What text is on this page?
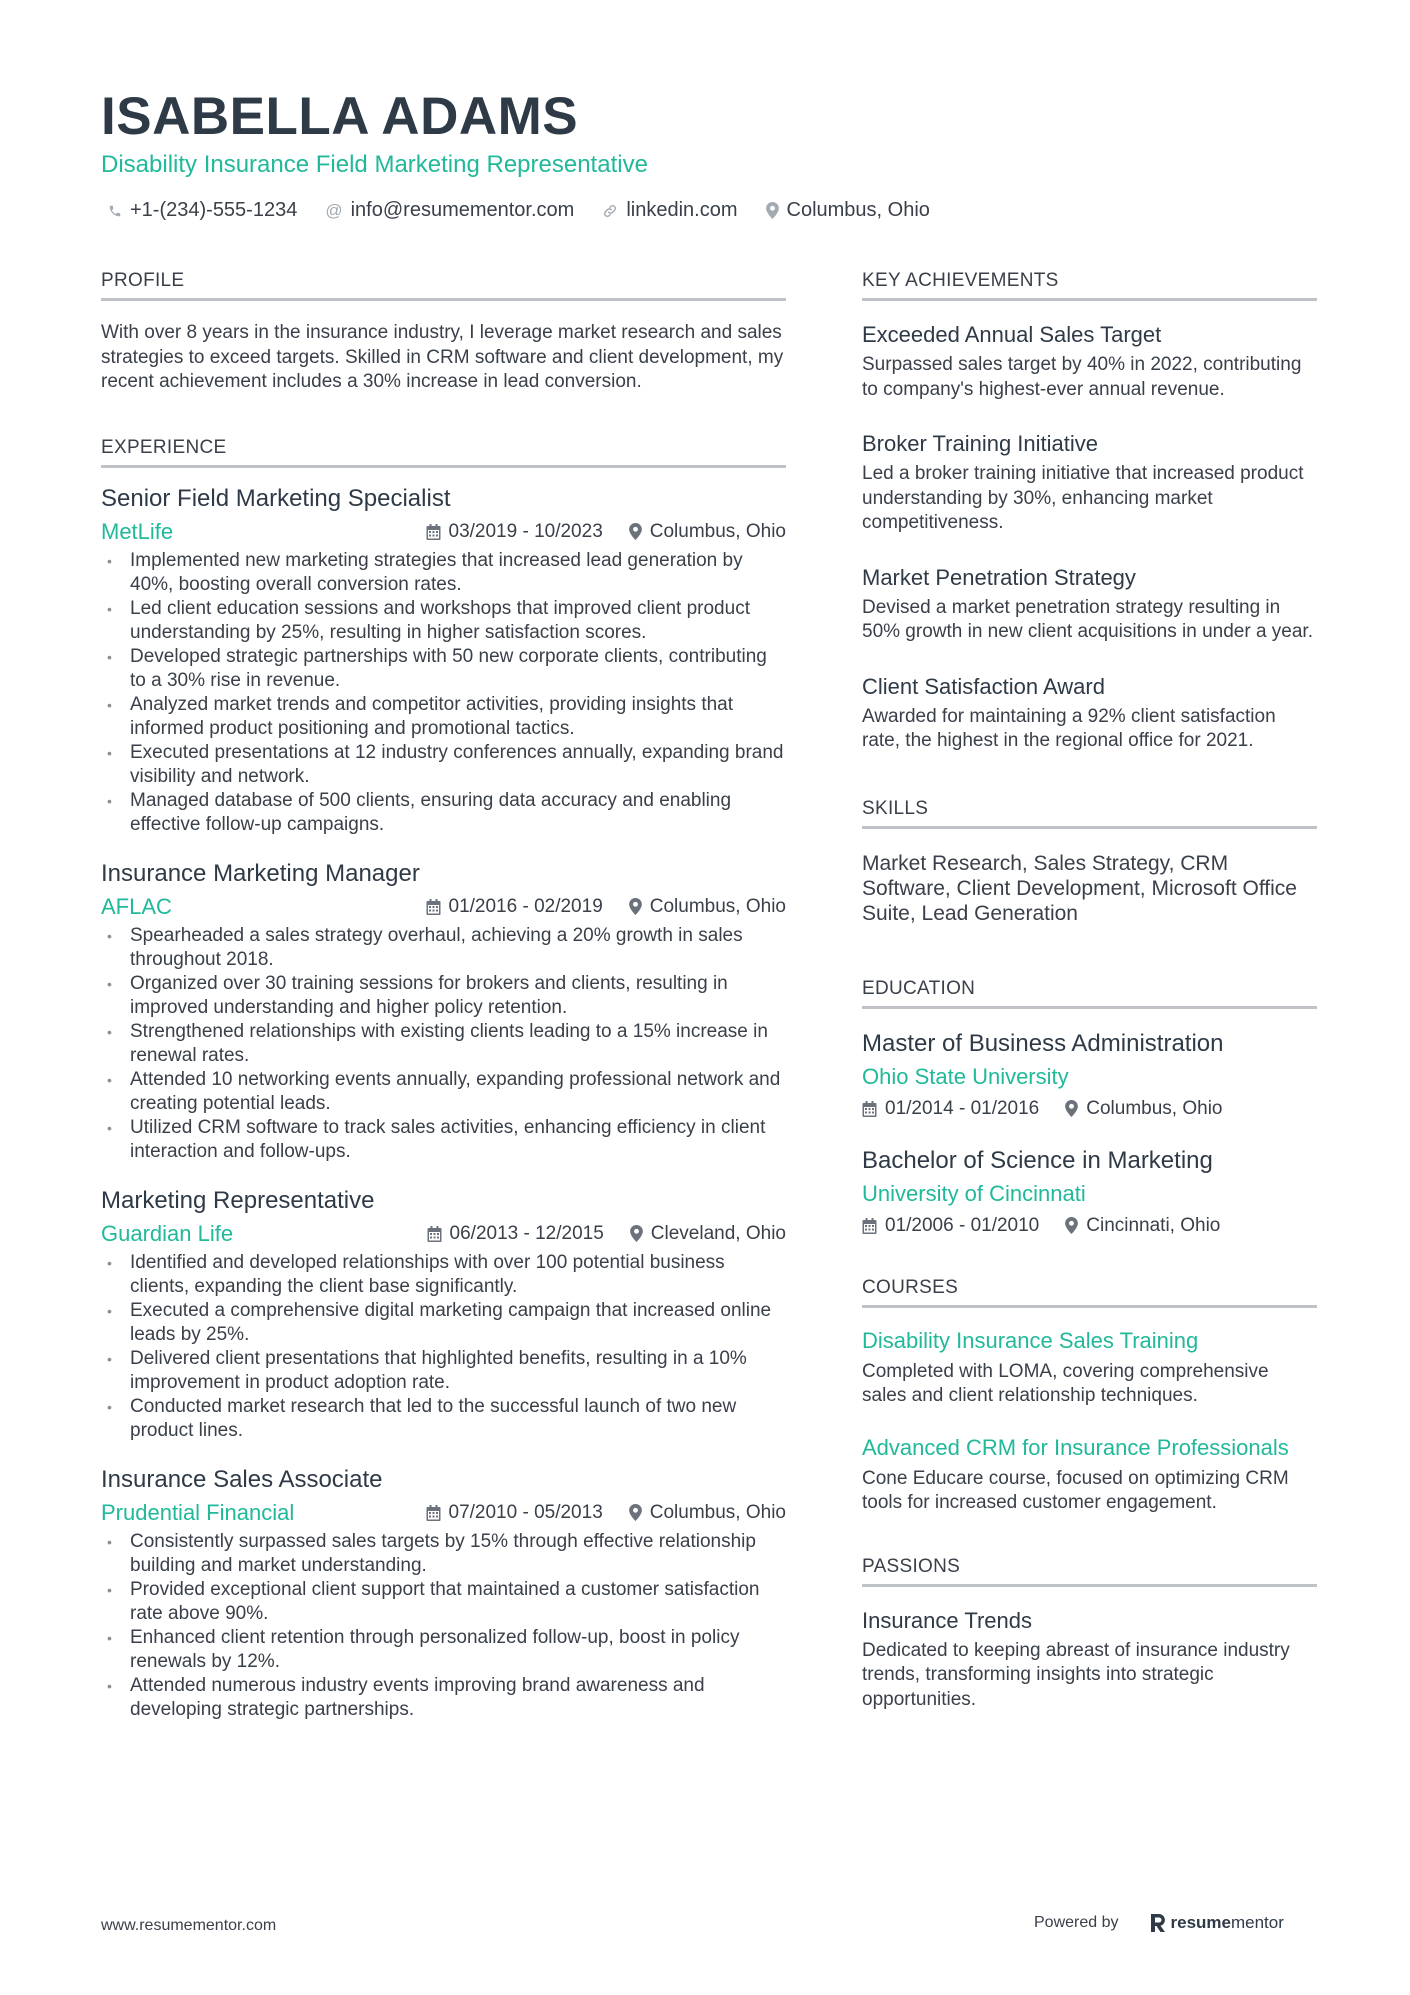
ISABELLA ADAMS
Disability Insurance Field Marketing Representative
+1-(234)-555-1234 @ info@resumementor.com	linkedin.com Columbus, Ohio
PROFILE
With over 8 years in the insurance industry, I leverage market research and sales strategies to exceed targets. Skilled in CRM software and client development, my recent achievement includes a 30% increase in lead conversion.
EXPERIENCE
Senior Field Marketing Specialist
MetLife	03/2019 - 10/2023 Columbus, Ohio
• Implemented new marketing strategies that increased lead generation by 40%, boosting overall conversion rates.
• Led client education sessions and workshops that improved client product understanding by 25%, resulting in higher satisfaction scores.
• Developed strategic partnerships with 50 new corporate clients, contributing to a 30% rise in revenue.
• Analyzed market trends and competitor activities, providing insights that informed product positioning and promotional tactics.
• Executed presentations at 12 industry conferences annually, expanding brand visibility and network.
• Managed database of 500 clients, ensuring data accuracy and enabling effective follow-up campaigns.
Insurance Marketing Manager
AFLAC	01/2016 - 02/2019 Columbus, Ohio
• Spearheaded a sales strategy overhaul, achieving a 20% growth in sales throughout 2018.
• Organized over 30 training sessions for brokers and clients, resulting in improved understanding and higher policy retention.
• Strengthened relationships with existing clients leading to a 15% increase in renewal rates.
• Attended 10 networking events annually, expanding professional network and creating potential leads.
• Utilized CRM software to track sales activities, enhancing efficiency in client interaction and follow-ups.
Marketing Representative
Guardian Life	06/2013 - 12/2015 Cleveland, Ohio
• Identified and developed relationships with over 100 potential business clients, expanding the client base significantly.
• Executed a comprehensive digital marketing campaign that increased online leads by 25%.
• Delivered client presentations that highlighted benefits, resulting in a 10% improvement in product adoption rate.
• Conducted market research that led to the successful launch of two new product lines.
Insurance Sales Associate
Prudential Financial	07/2010 - 05/2013 Columbus, Ohio
• Consistently surpassed sales targets by 15% through effective relationship building and market understanding.
• Provided exceptional client support that maintained a customer satisfaction rate above 90%.
• Enhanced client retention through personalized follow-up, boost in policy renewals by 12%.
• Attended numerous industry events improving brand awareness and developing strategic partnerships.
KEY ACHIEVEMENTS
Exceeded Annual Sales Target
Surpassed sales target by 40% in 2022, contributing to company's highest-ever annual revenue.
Broker Training Initiative
Led a broker training initiative that increased product understanding by 30%, enhancing market competitiveness.
Market Penetration Strategy
Devised a market penetration strategy resulting in 50% growth in new client acquisitions in under a year.
Client Satisfaction Award
Awarded for maintaining a 92% client satisfaction rate, the highest in the regional office for 2021.
SKILLS
Market Research, Sales Strategy, CRM Software, Client Development, Microsoft Office Suite, Lead Generation
EDUCATION
Master of Business Administration
Ohio State University
01/2014 - 01/2016 Columbus, Ohio
Bachelor of Science in Marketing
University of Cincinnati
01/2006 - 01/2010 Cincinnati, Ohio
COURSES
Disability Insurance Sales Training
Completed with LOMA, covering comprehensive sales and client relationship techniques.
Advanced CRM for Insurance Professionals
Cone Educare course, focused on optimizing CRM tools for increased customer engagement.
PASSIONS
Insurance Trends
Dedicated to keeping abreast of insurance industry trends, transforming insights into strategic opportunities.
www.resumementor.com	Powered by	resume mentor
